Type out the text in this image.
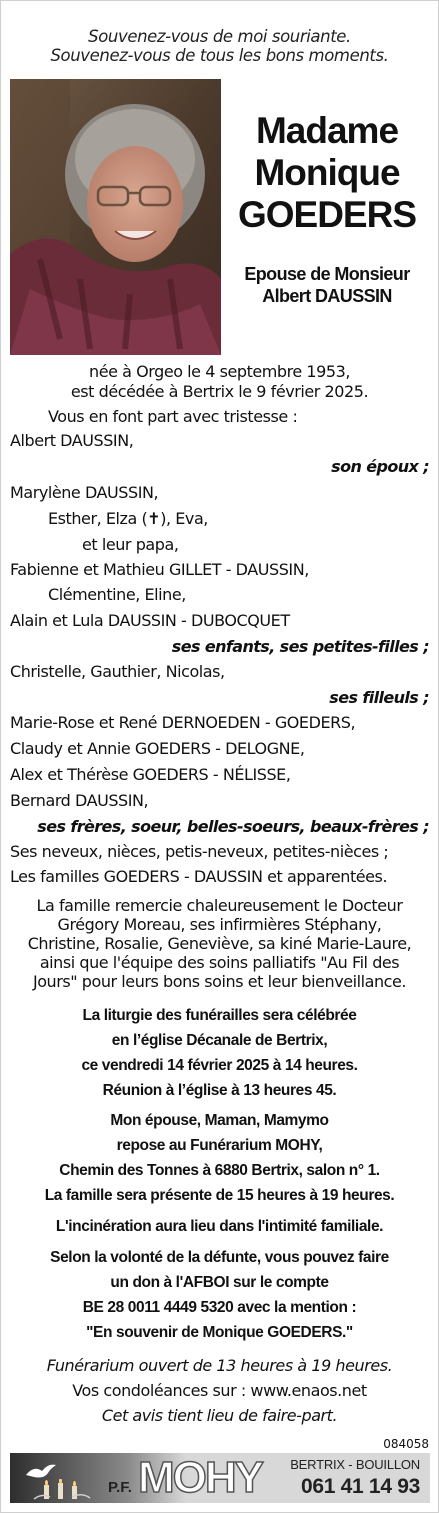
Souvenez-vous de moi souriante.
Souvenez-vous de tous les bons moments.
Madame
Monique
GOEDERS
Epouse de Monsieur
Albert DAUSSIN
née à Orgeo le 4 septembre 1953,
est décédée à Bertrix le 9 février 2025.
Vous en font part avec tristesse :
Albert DAUSSIN,
son époux ;
Marylène DAUSSIN,
Esther, Elza (✝), Eva,
et leur papa,
Fabienne et Mathieu GILLET - DAUSSIN,
Clémentine, Eline,
Alain et Lula DAUSSIN - DUBOCQUET
ses enfants, ses petites-filles ;
Christelle, Gauthier, Nicolas,
ses filleuls ;
Marie-Rose et René DERNOEDEN - GOEDERS,
Claudy et Annie GOEDERS - DELOGNE,
Alex et Thérèse GOEDERS - NÉLISSE,
Bernard DAUSSIN,
ses frères, soeur, belles-soeurs, beaux-frères ;
Ses neveux, nièces, petis-neveux, petites-nièces ;
Les familles GOEDERS - DAUSSIN et apparentées.
La famille remercie chaleureusement le Docteur
Grégory Moreau, ses infirmières Stéphany,
Christine, Rosalie, Geneviève, sa kiné Marie-Laure,
ainsi que l'équipe des soins palliatifs "Au Fil des
Jours" pour leurs bons soins et leur bienveillance.
La liturgie des funérailles sera célébrée
en l’église Décanale de Bertrix,
ce vendredi 14 février 2025 à 14 heures.
Réunion à l’église à 13 heures 45.
Mon épouse, Maman, Mamymo
repose au Funérarium MOHY,
Chemin des Tonnes à 6880 Bertrix, salon n° 1.
La famille sera présente de 15 heures à 19 heures.
L'incinération aura lieu dans l'intimité familiale.
Selon la volonté de la défunte, vous pouvez faire
un don à l'AFBOI sur le compte
BE 28 0011 4449 5320 avec la mention :
"En souvenir de Monique GOEDERS."
Funérarium ouvert de 13 heures à 19 heures.
Vos condoléances sur : www.enaos.net
Cet avis tient lieu de faire-part.
084058
P.F. MOHY BERTRIX - BOUILLON
061 41 14 93
